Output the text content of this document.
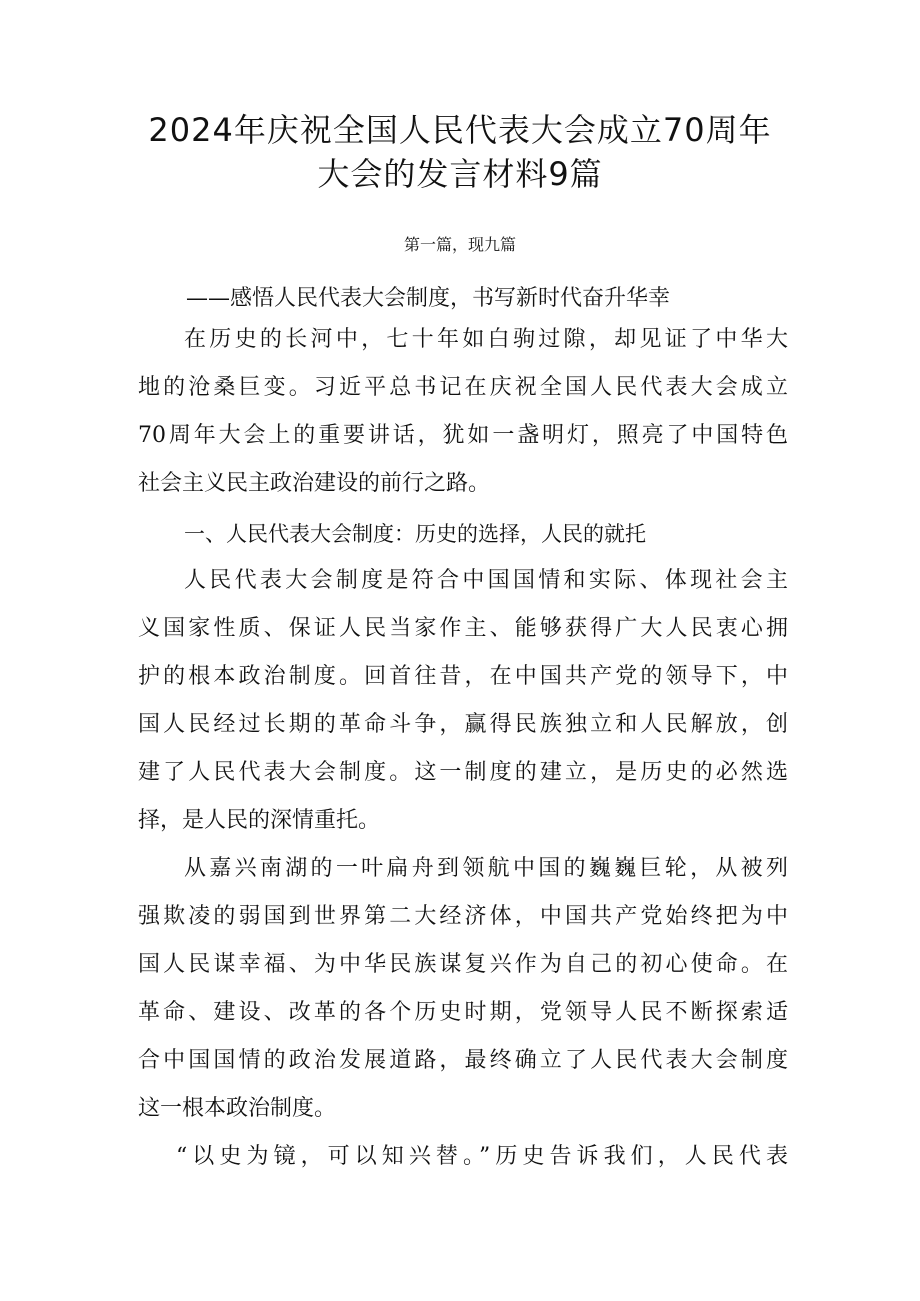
2024年庆祝全国人民代表大会成立70周年
大会的发言材料9篇
第一篇，现九篇
——感悟人民代表大会制度，书写新时代奋升华幸
在历史的长河中，七十年如白驹过隙，却见证了中华大
地的沧桑巨变。习近平总书记在庆祝全国人民代表大会成立
70周年大会上的重要讲话，犹如一盏明灯，照亮了中国特色
社会主义民主政治建设的前行之路。
一、人民代表大会制度：历史的选择，人民的就托
人民代表大会制度是符合中国国情和实际、体现社会主
义国家性质、保证人民当家作主、能够获得广大人民衷心拥
护的根本政治制度。回首往昔，在中国共产党的领导下，中
国人民经过长期的革命斗争，赢得民族独立和人民解放，创
建了人民代表大会制度。这一制度的建立，是历史的必然选
择，是人民的深情重托。
从嘉兴南湖的一叶扁舟到领航中国的巍巍巨轮，从被列
强欺凌的弱国到世界第二大经济体，中国共产党始终把为中
国人民谋幸福、为中华民族谋复兴作为自己的初心使命。在
革命、建设、改革的各个历史时期，党领导人民不断探索适
合中国国情的政治发展道路，最终确立了人民代表大会制度
这一根本政治制度。
“以史为镜，可以知兴替。”历史告诉我们，人民代表
